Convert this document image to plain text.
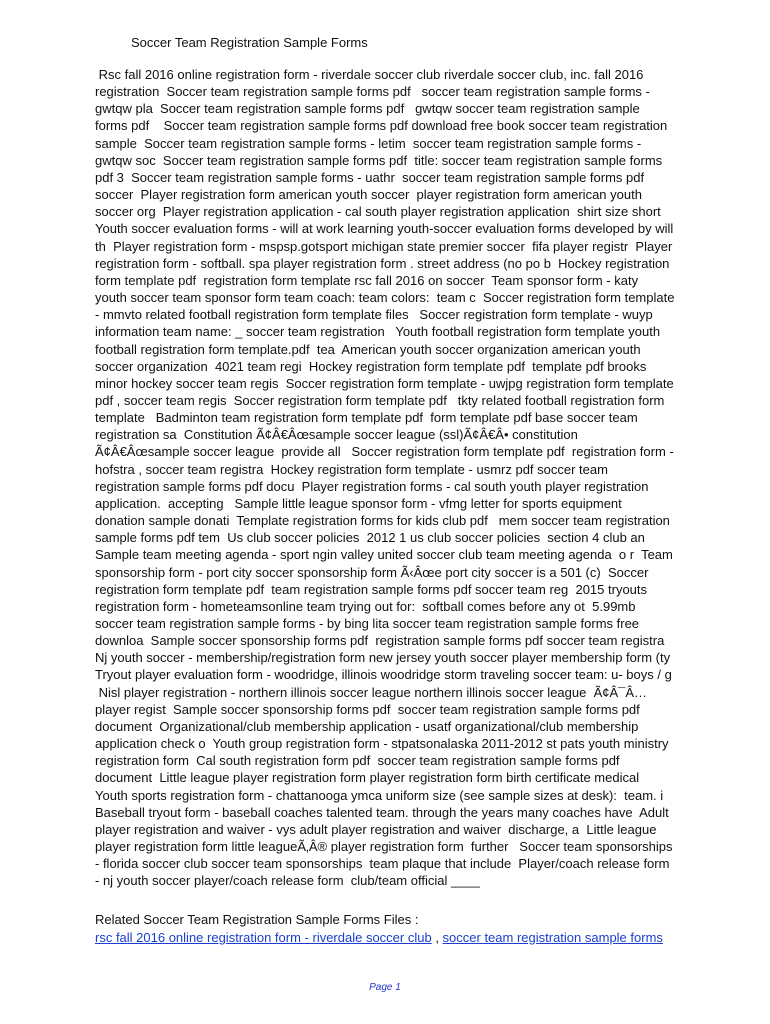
Soccer Team Registration Sample Forms
Rsc fall 2016 online registration form - riverdale soccer club riverdale soccer club, inc. fall 2016
registration  Soccer team registration sample forms pdf   soccer team registration sample forms -
gwtqw pla  Soccer team registration sample forms pdf   gwtqw soccer team registration sample
forms pdf    Soccer team registration sample forms pdf download free book soccer team registration
sample  Soccer team registration sample forms - letim  soccer team registration sample forms -
gwtqw soc  Soccer team registration sample forms pdf  title: soccer team registration sample forms
pdf 3  Soccer team registration sample forms - uathr  soccer team registration sample forms pdf
soccer  Player registration form american youth soccer  player registration form american youth
soccer org  Player registration application - cal south player registration application  shirt size short
Youth soccer evaluation forms - will at work learning youth-soccer evaluation forms developed by will
th  Player registration form - mspsp.gotsport michigan state premier soccer  fifa player registr  Player
registration form - softball. spa player registration form . street address (no po b  Hockey registration
form template pdf  registration form template rsc fall 2016 on soccer  Team sponsor form - katy
youth soccer team sponsor form team coach: team colors:  team c  Soccer registration form template
- mmvto related football registration form template files   Soccer registration form template - wuyp
information team name: _ soccer team registration   Youth football registration form template youth
football registration form template.pdf  tea  American youth soccer organization american youth
soccer organization  4021 team regi  Hockey registration form template pdf  template pdf brooks
minor hockey soccer team regis  Soccer registration form template - uwjpg registration form template
pdf , soccer team regis  Soccer registration form template pdf   tkty related football registration form
template   Badminton team registration form template pdf  form template pdf base soccer team
registration sa  Constitution Ã¢Â€Âœsample soccer league (ssl)Ã¢Â€Â• constitution
Ã¢Â€Âœsample soccer league  provide all   Soccer registration form template pdf  registration form -
hofstra , soccer team registra  Hockey registration form template - usmrz pdf soccer team
registration sample forms pdf docu  Player registration forms - cal south youth player registration
application.  accepting   Sample little league sponsor form - vfmg letter for sports equipment
donation sample donati  Template registration forms for kids club pdf   mem soccer team registration
sample forms pdf tem  Us club soccer policies  2012 1 us club soccer policies  section 4 club an
Sample team meeting agenda - sport ngin valley united soccer club team meeting agenda  o r  Team
sponsorship form - port city soccer sponsorship form Ã‹Âœe port city soccer is a 501 (c)  Soccer
registration form template pdf  team registration sample forms pdf soccer team reg  2015 tryouts
registration form - hometeamsonline team trying out for:  softball comes before any ot  5.99mb
soccer team registration sample forms - by bing lita soccer team registration sample forms free
downloa  Sample soccer sponsorship forms pdf  registration sample forms pdf soccer team registra
Nj youth soccer - membership/registration form new jersey youth soccer player membership form (ty
Tryout player evaluation form - woodridge, illinois woodridge storm traveling soccer team: u- boys / g
Nisl player registration - northern illinois soccer league northern illinois soccer league  Ã¢Â¯Â…
player regist  Sample soccer sponsorship forms pdf  soccer team registration sample forms pdf
document  Organizational/club membership application - usatf organizational/club membership
application check o  Youth group registration form - stpatsonalaska 2011-2012 st pats youth ministry
registration form  Cal south registration form pdf  soccer team registration sample forms pdf
document  Little league player registration form player registration form birth certificate medical
Youth sports registration form - chattanooga ymca uniform size (see sample sizes at desk):  team. i
Baseball tryout form - baseball coaches talented team. through the years many coaches have  Adult
player registration and waiver - vys adult player registration and waiver  discharge, a  Little league
player registration form little leagueÃ‚Â® player registration form  further   Soccer team sponsorships
- florida soccer club soccer team sponsorships  team plaque that include  Player/coach release form
- nj youth soccer player/coach release form  club/team official ____
Related Soccer Team Registration Sample Forms Files :
rsc fall 2016 online registration form - riverdale soccer club , soccer team registration sample forms
Page 1
